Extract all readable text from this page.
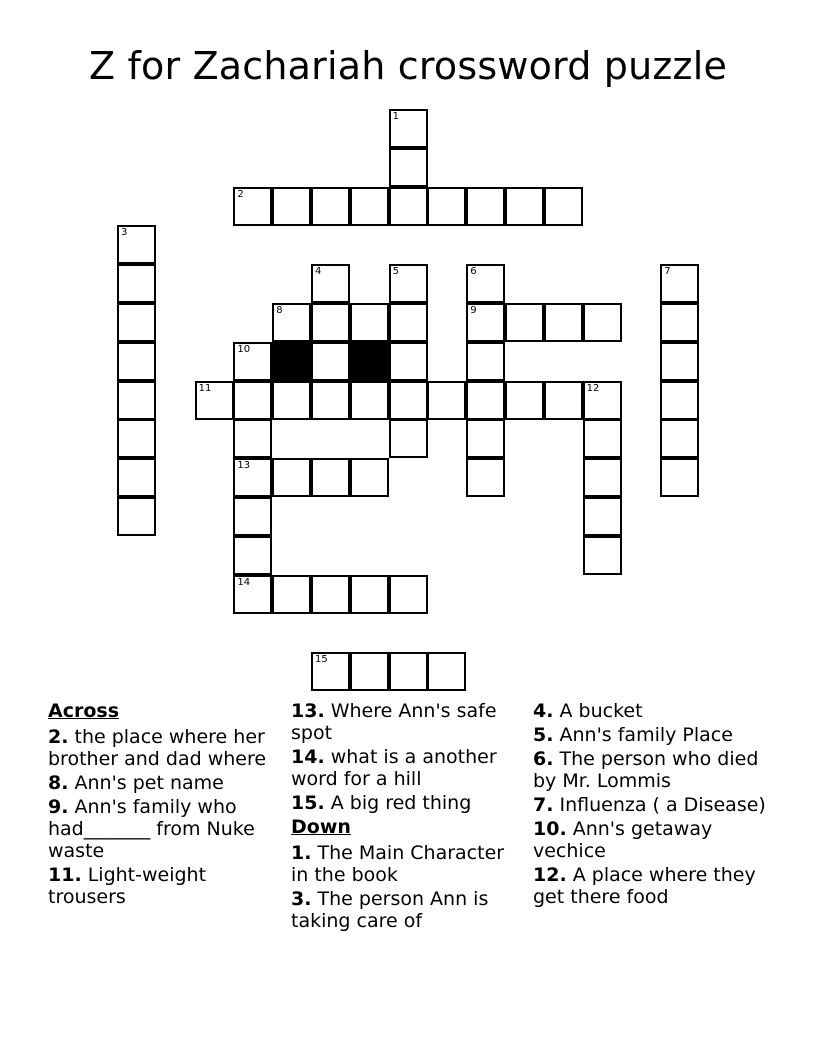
Z for Zachariah crossword puzzle
1
2
3
4	5	6	7
8	9
10
11	12
13
14
15
Across
2. the place where her brother and dad where
8. Ann's pet name
9. Ann's family who had_______ from Nuke waste
11. Light-weight trousers
13. Where Ann's safe spot
14. what is a another word for a hill
15. A big red thing
Down
1. The Main Character in the book
3. The person Ann is taking care of
4. A bucket
5. Ann's family Place
6. The person who died by Mr. Lommis
7. Influenza ( a Disease)
10. Ann's getaway vechice
12. A place where they get there food
